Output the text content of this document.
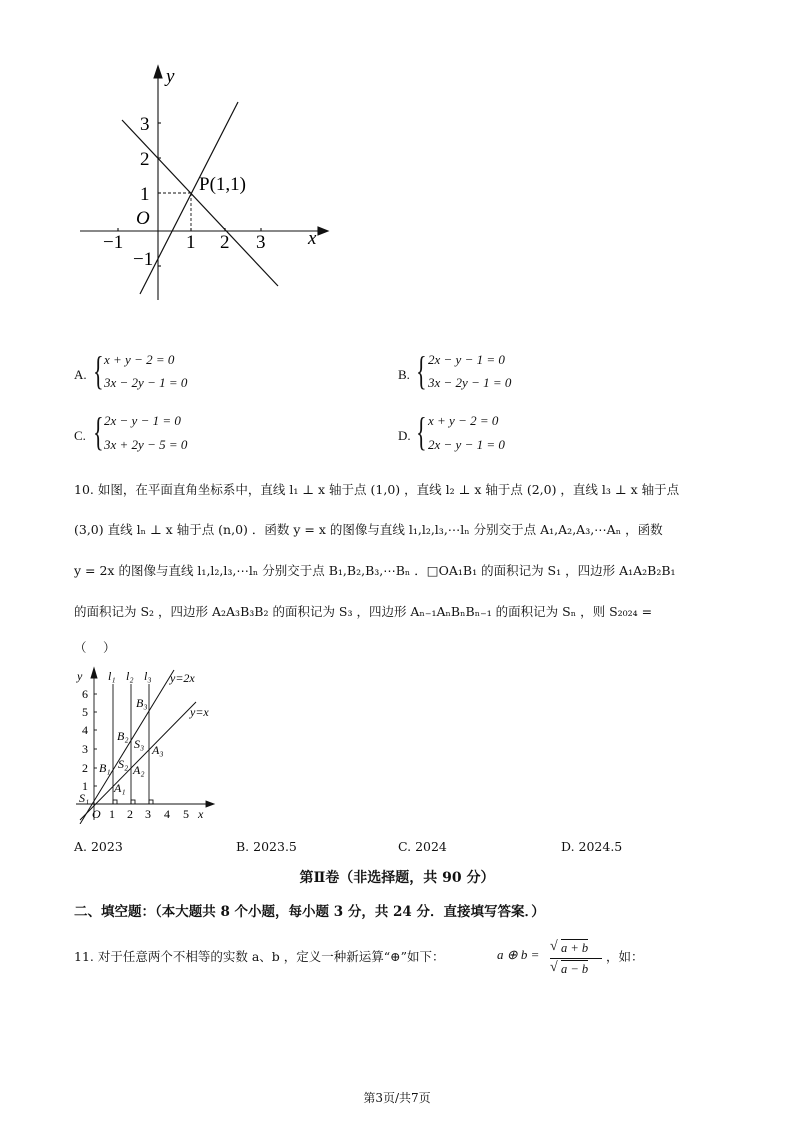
y
x
O
P(1,1)
−1	1 2 3
3
2
1
−1
A. { x + y − 2 = 0
3x − 2y − 1 = 0
B. { 2x − y − 1 = 0
3x − 2y − 1 = 0
C. { 2x − y − 1 = 0
3x + 2y − 5 = 0
D. { x + y − 2 = 0
2x − y − 1 = 0
10. 如图，在平面直角坐标系中，直线 l₁ ⊥ x 轴于点 (1,0) ，直线 l₂ ⊥ x 轴于点 (2,0) ，直线 l₃ ⊥ x 轴于点
(3,0) 直线 lₙ ⊥ x 轴于点 (n,0) ．函数 y = x 的图像与直线 l₁,l₂,l₃,⋯lₙ 分别交于点 A₁,A₂,A₃,⋯Aₙ ，函数
y = 2x 的图像与直线 l₁,l₂,l₃,⋯lₙ 分别交于点 B₁,B₂,B₃,⋯Bₙ ．□OA₁B₁ 的面积记为 S₁ ，四边形 A₁A₂B₂B₁
的面积记为 S₂ ，四边形 A₂A₃B₃B₂ 的面积记为 S₃ ，四边形 Aₙ₋₁AₙBₙBₙ₋₁ 的面积记为 Sₙ ，则 S₂₀₂₄ =
（　 ）
y
x
O 1 2 3 4 5
6
5
4
3
2
1
l₁ l₂ l₃ y=2x
y=x
B₃
B₂
S₃ A₃
B₁ S₂ A₂
A₁
S₁
A. 2023	B. 2023.5	C. 2024	D. 2024.5
第Ⅱ卷（非选择题，共 90 分）
二、填空题：（本大题共 8 个小题，每小题 3 分，共 24 分．直接填写答案．）
11. 对于任意两个不相等的实数 a、b ，定义一种新运算“⊕”如下：	a ⊕ b =
√ a + b
√ a − b
，如：
第3页/共7页
